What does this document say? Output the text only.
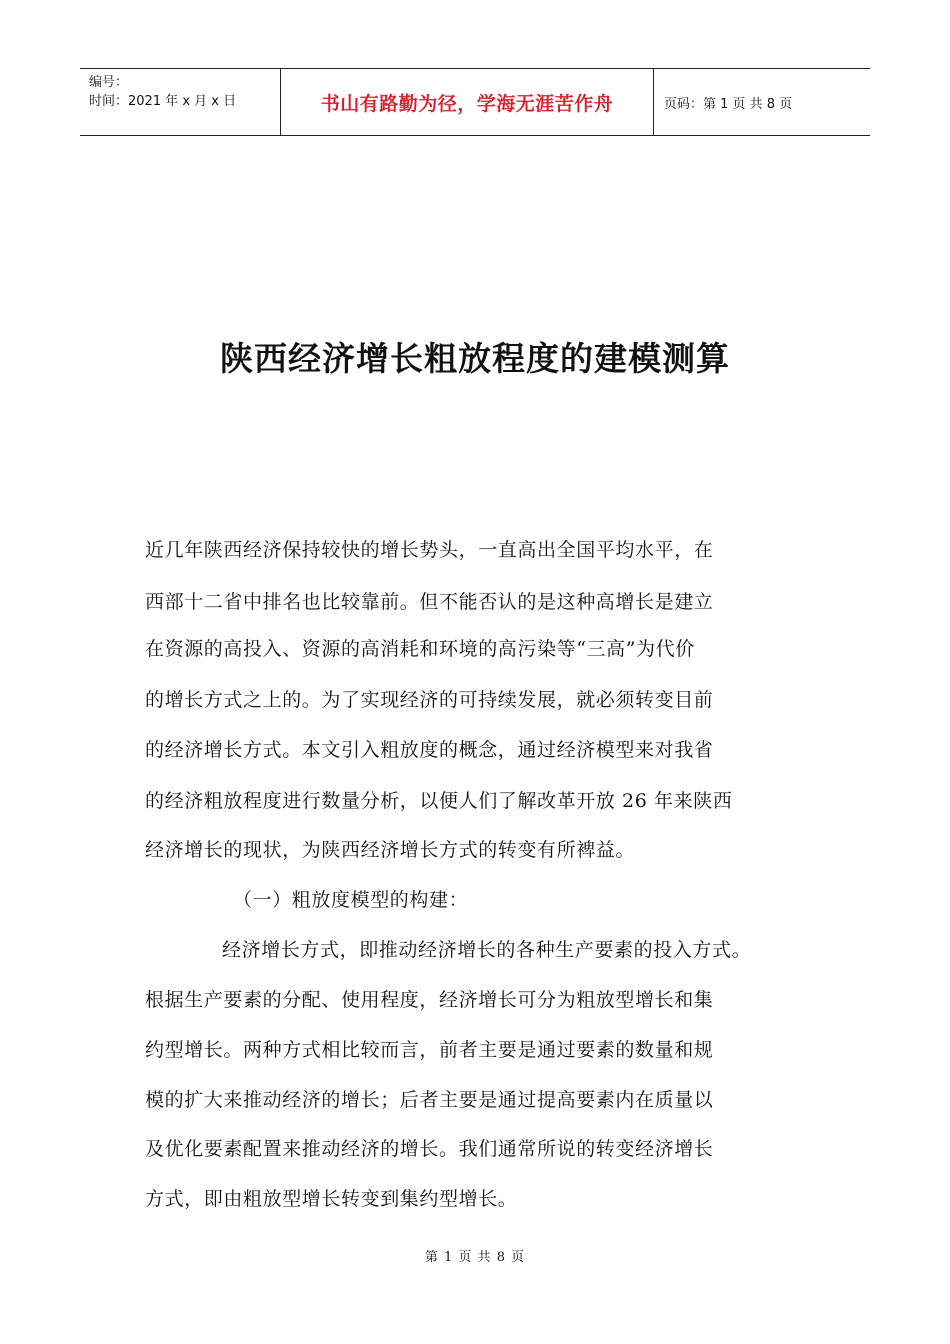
编号：
时间：2021 年 x 月 x 日	书山有路勤为径，学海无涯苦作舟	页码：第 1 页 共 8 页
陕西经济增长粗放程度的建模测算
近几年陕西经济保持较快的增长势头，一直高出全国平均水平，在
西部十二省中排名也比较靠前。但不能否认的是这种高增长是建立
在资源的高投入、资源的高消耗和环境的高污染等“三高”为代价
的增长方式之上的。为了实现经济的可持续发展，就必须转变目前
的经济增长方式。本文引入粗放度的概念，通过经济模型来对我省
的经济粗放程度进行数量分析，以便人们了解改革开放 26 年来陕西
经济增长的现状，为陕西经济增长方式的转变有所裨益。
（一）粗放度模型的构建：
经济增长方式，即推动经济增长的各种生产要素的投入方式。
根据生产要素的分配、使用程度，经济增长可分为粗放型增长和集
约型增长。两种方式相比较而言，前者主要是通过要素的数量和规
模的扩大来推动经济的增长；后者主要是通过提高要素内在质量以
及优化要素配置来推动经济的增长。我们通常所说的转变经济增长
方式，即由粗放型增长转变到集约型增长。
第 1 页 共 8 页
